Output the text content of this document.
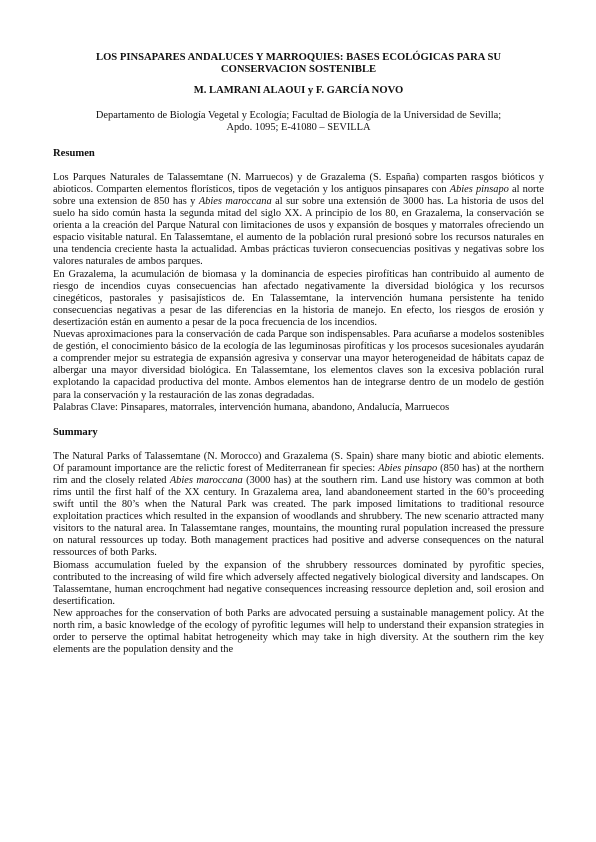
LOS PINSAPARES ANDALUCES Y MARROQUIES: BASES ECOLÓGICAS PARA SU
CONSERVACION SOSTENIBLE
M. LAMRANI ALAOUI y F. GARCÍA NOVO
Departamento de Biología Vegetal y Ecología; Facultad de Biología de la Universidad de Sevilla;
Apdo. 1095; E-41080 – SEVILLA
Resumen

Los Parques Naturales de Talassemtane (N. Marruecos) y de Grazalema (S. España) comparten rasgos bióticos y abioticos. Comparten elementos florísticos, tipos de vegetación y los antiguos pinsapares con Abies pinsapo al norte sobre una extension de 850 has y Abies maroccana al sur sobre una extensión de 3000 has. La historia de usos del suelo ha sido común hasta la segunda mitad del siglo XX. A principio de los 80, en Grazalema, la conservación se orienta a la creación del Parque Natural con limitaciones de usos y expansión de bosques y matorrales ofreciendo un espacio visitable natural. En Talassemtane, el aumento de la población rural presionó sobre los recursos naturales en una tendencia creciente hasta la actualidad. Ambas prácticas tuvieron consecuencias positivas y negativas sobre los valores naturales de ambos parques.

En Grazalema, la acumulación de biomasa y la dominancia de especies pirofíticas han contribuido al aumento de riesgo de incendios cuyas consecuencias han afectado negativamente la diversidad biológica y los recursos cinegéticos, pastorales y pasisajísticos de. En Talassemtane, la intervención humana persistente ha tenido consecuencias negativas a pesar de las diferencias en la historia de manejo. En efecto, los riesgos de erosión y desertización están en aumento a pesar de la poca frecuencia de los incendios.

Nuevas aproximaciones para la conservación de cada Parque son indispensables. Para acuñarse a modelos sostenibles de gestión, el conocimiento básico de la ecología de las leguminosas pirofíticas y los procesos sucesionales ayudarán a comprender mejor su estrategia de expansión agresiva y conservar una mayor heterogeneidad de hábitats capaz de albergar una mayor diversidad biológica. En Talassemtane, los elementos claves son la excesiva población rural explotando la capacidad productiva del monte. Ambos elementos han de integrarse dentro de un modelo de gestión para la conservación y la restauración de las zonas degradadas.

Palabras Clave: Pinsapares, matorrales, intervención humana, abandono, Andalucía, Marruecos

Summary

The Natural Parks of Talassemtane (N. Morocco) and Grazalema (S. Spain) share many biotic and abiotic elements. Of paramount importance are the relictic forest of Mediterranean fir species: Abies pinsapo (850 has) at the northern rim and the closely related Abies maroccana (3000 has) at the southern rim. Land use history was common at both rims until the first half of the XX century. In Grazalema area, land abandoneement started in the 60’s proceeding swift until the 80’s when the Natural Park was created. The park imposed limitations to traditional resource exploitation practices which resulted in the expansion of woodlands and shrubbery. The new scenario attracted many visitors to the natural area. In Talassemtane ranges, mountains, the mounting rural population increased the pressure on natural ressources up today. Both management practices had positive and adverse consequences on the natural ressources of both Parks.

Biomass accumulation fueled by the expansion of the shrubbery ressources dominated by pyrofitic species, contributed to the increasing of wild fire which adversely affected negatively biological diversity and landscapes. On Talassemtane, human encroqchment had negative consequences increasing ressource depletion and, soil erosion and desertification.

New approaches for the conservation of both Parks are advocated persuing a sustainable management policy. At the north rim, a basic knowledge of the ecology of pyrofitic legumes will help to understand their expansion strategies in order to perserve the optimal habitat hetrogeneity which may take in high diversity. At the southern rim the key elements are the population density and the
